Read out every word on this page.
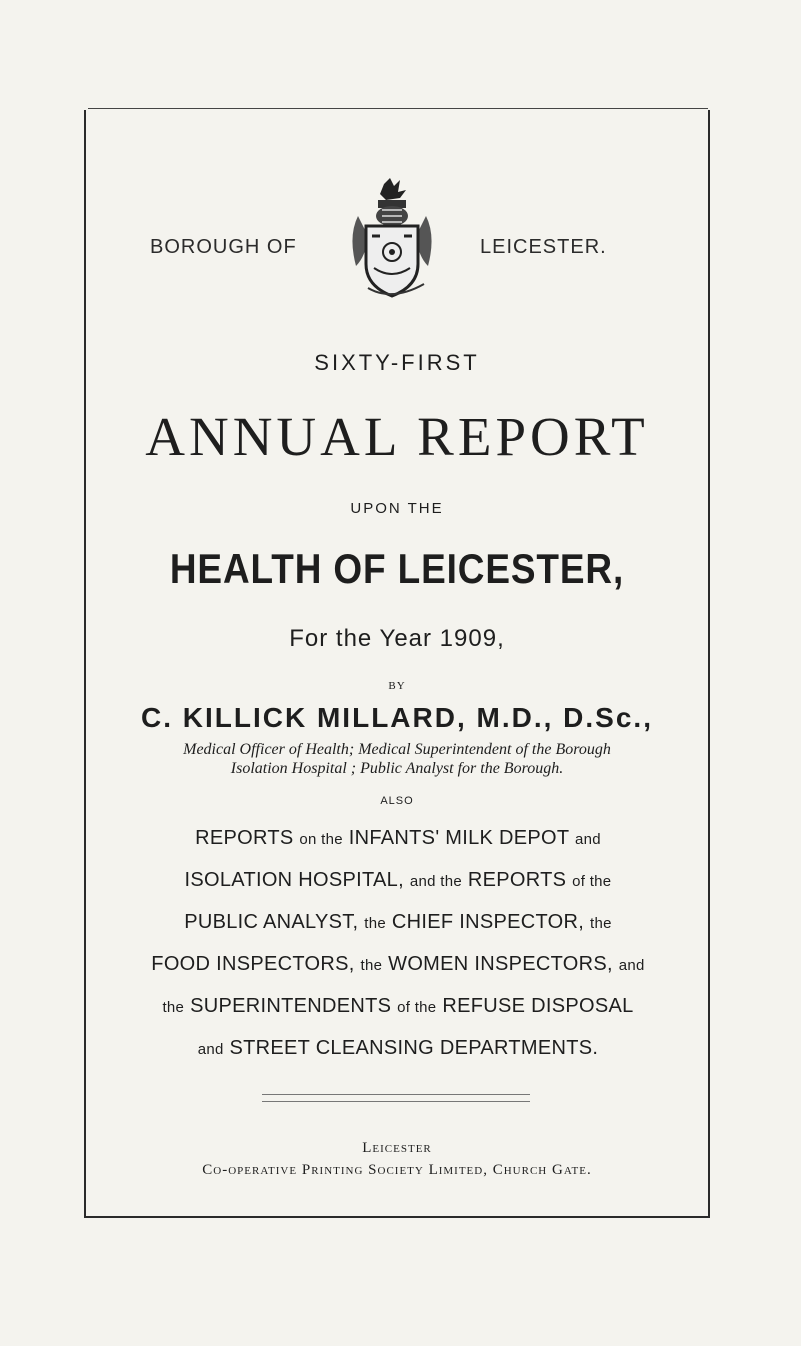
BOROUGH OF	LEICESTER.
SIXTY-FIRST
ANNUAL REPORT
UPON THE
HEALTH OF LEICESTER,
For the Year 1909,
BY
C. KILLICK MILLARD, M.D., D.Sc.,
Medical Officer of Health; Medical Superintendent of the Borough
Isolation Hospital ; Public Analyst for the Borough.
ALSO

REPORTS on the INFANTS' MILK DEPOT and

ISOLATION HOSPITAL, and the REPORTS of the

PUBLIC ANALYST, the CHIEF INSPECTOR, the

FOOD INSPECTORS, the WOMEN INSPECTORS, and

the SUPERINTENDENTS of the REFUSE DISPOSAL

and STREET CLEANSING DEPARTMENTS.

Leicester
Co-operative Printing Society Limited, Church Gate.
